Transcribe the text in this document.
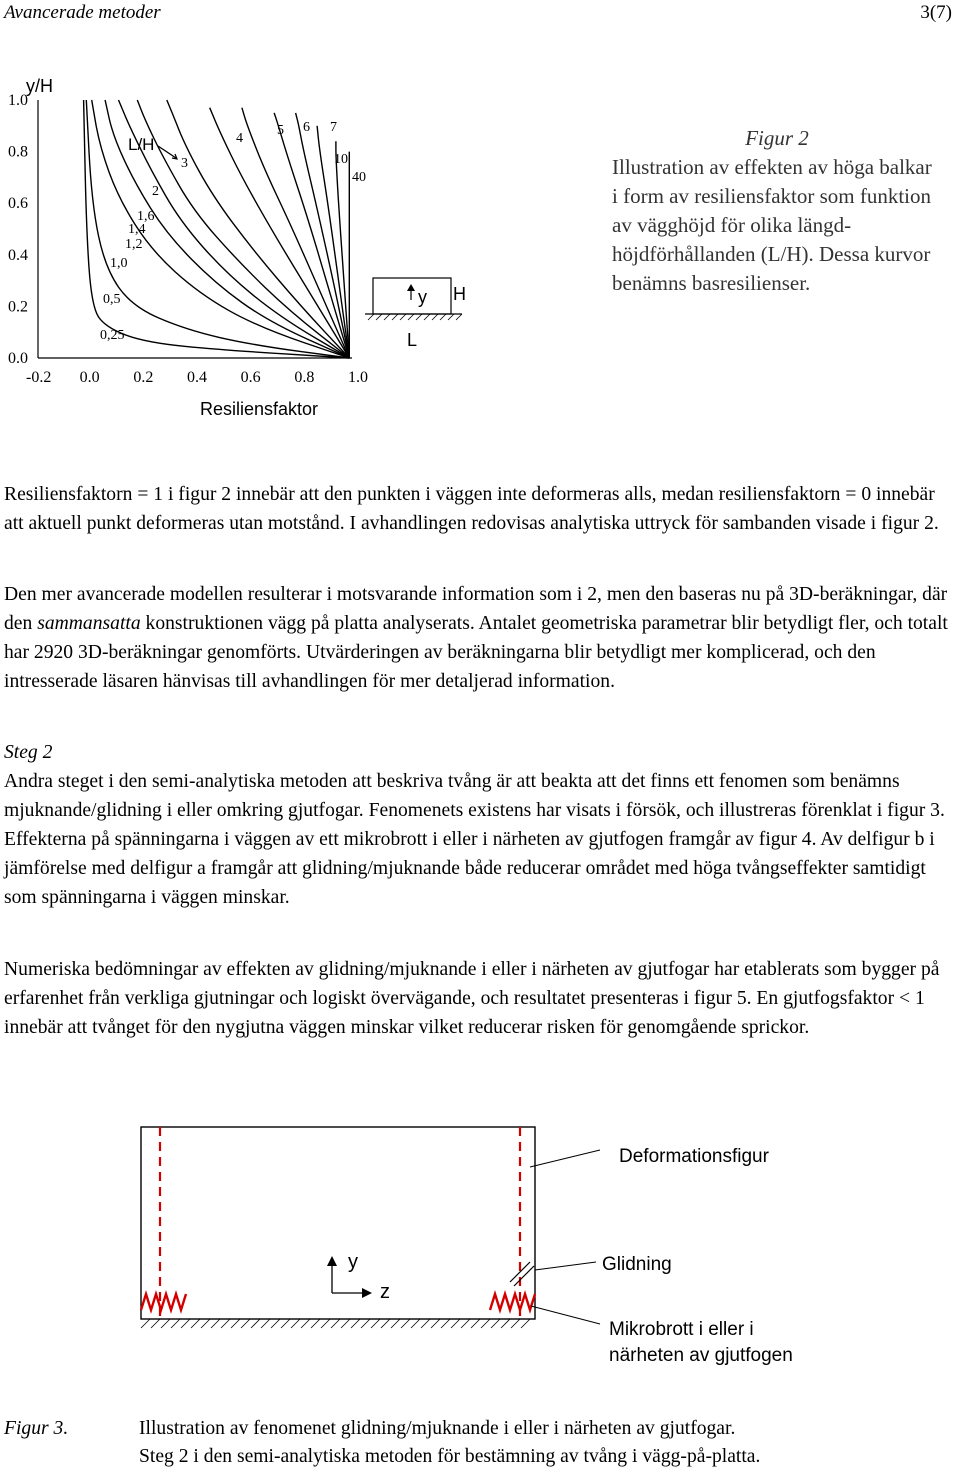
Avancerade metoder	3(7)
y/H
1.0
0.8
0.6
0.4
0.2
0.0
-0.2 0.0 0.2 0.4 0.6 0.8 1.0
0,25
0,5
1,0
1,2
1,4
1,6
2
3
4
5 6 7
10
40
L/H
Resiliensfaktor
y H
L
Figur 2
Illustration av effekten av höga balkar i form av resiliensfaktor som funktion av vägghöjd för olika längd-höjdförhållanden (L/H). Dessa kurvor benämns basresilienser.

Resiliensfaktorn = 1 i figur 2 innebär att den punkten i väggen inte deformeras alls, medan resiliensfaktorn = 0 innebär att aktuell punkt deformeras utan motstånd. I avhandlingen redovisas analytiska uttryck för sambanden visade i figur 2.

Den mer avancerade modellen resulterar i motsvarande information som i 2, men den baseras nu på 3D-beräkningar, där den sammansatta konstruktionen vägg på platta analyserats. Antalet geometriska parametrar blir betydligt fler, och totalt har 2920 3D-beräkningar genomförts. Utvärderingen av beräkningarna blir betydligt mer komplicerad, och den intresserade läsaren hänvisas till avhandlingen för mer detaljerad information.

Steg 2

Andra steget i den semi-analytiska metoden att beskriva tvång är att beakta att det finns ett fenomen som benämns mjuknande/glidning i eller omkring gjutfogar. Fenomenets existens har visats i försök, och illustreras förenklat i figur 3. Effekterna på spänningarna i väggen av ett mikrobrott i eller i närheten av gjutfogen framgår av figur 4. Av delfigur b i jämförelse med delfigur a framgår att glidning/mjuknande både reducerar området med höga tvångseffekter samtidigt som spänningarna i väggen minskar.

Numeriska bedömningar av effekten av glidning/mjuknande i eller i närheten av gjutfogar har etablerats som bygger på erfarenhet från verkliga gjutningar och logiskt övervägande, och resultatet presenteras i figur 5. En gjutfogsfaktor < 1 innebär att tvånget för den nygjutna väggen minskar vilket reducerar risken för genomgående sprickor.

y
z
Deformationsfigur
Glidning
Mikrobrott i eller i närheten av gjutfogen
Figur 3.	Illustration av fenomenet glidning/mjuknande i eller i närheten av gjutfogar.
Steg 2 i den semi-analytiska metoden för bestämning av tvång i vägg-på-platta.
